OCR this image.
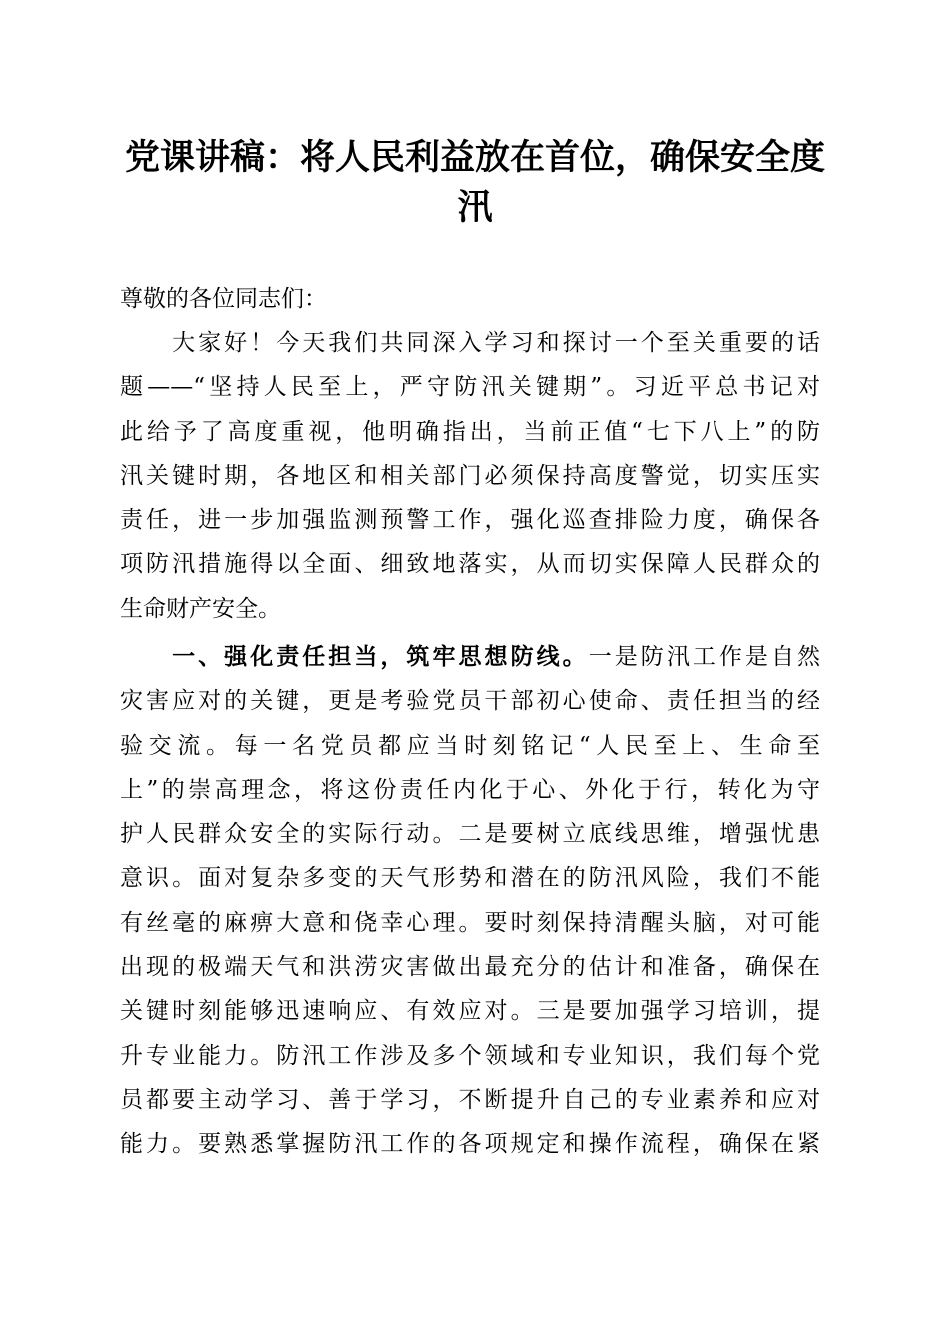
党课讲稿：将人民利益放在首位，确保安全度
汛
尊敬的各位同志们：
　　大家好！今天我们共同深入学习和探讨一个至关重要的话
题——“坚持人民至上，严守防汛关键期”。习近平总书记对
此给予了高度重视，他明确指出，当前正值“七下八上”的防
汛关键时期，各地区和相关部门必须保持高度警觉，切实压实
责任，进一步加强监测预警工作，强化巡查排险力度，确保各
项防汛措施得以全面、细致地落实，从而切实保障人民群众的
生命财产安全。
　　一、强化责任担当，筑牢思想防线。一是防汛工作是自然
灾害应对的关键，更是考验党员干部初心使命、责任担当的经
验交流。每一名党员都应当时刻铭记“人民至上、生命至
上”的崇高理念，将这份责任内化于心、外化于行，转化为守
护人民群众安全的实际行动。二是要树立底线思维，增强忧患
意识。面对复杂多变的天气形势和潜在的防汛风险，我们不能
有丝毫的麻痹大意和侥幸心理。要时刻保持清醒头脑，对可能
出现的极端天气和洪涝灾害做出最充分的估计和准备，确保在
关键时刻能够迅速响应、有效应对。三是要加强学习培训，提
升专业能力。防汛工作涉及多个领域和专业知识，我们每个党
员都要主动学习、善于学习，不断提升自己的专业素养和应对
能力。要熟悉掌握防汛工作的各项规定和操作流程，确保在紧
